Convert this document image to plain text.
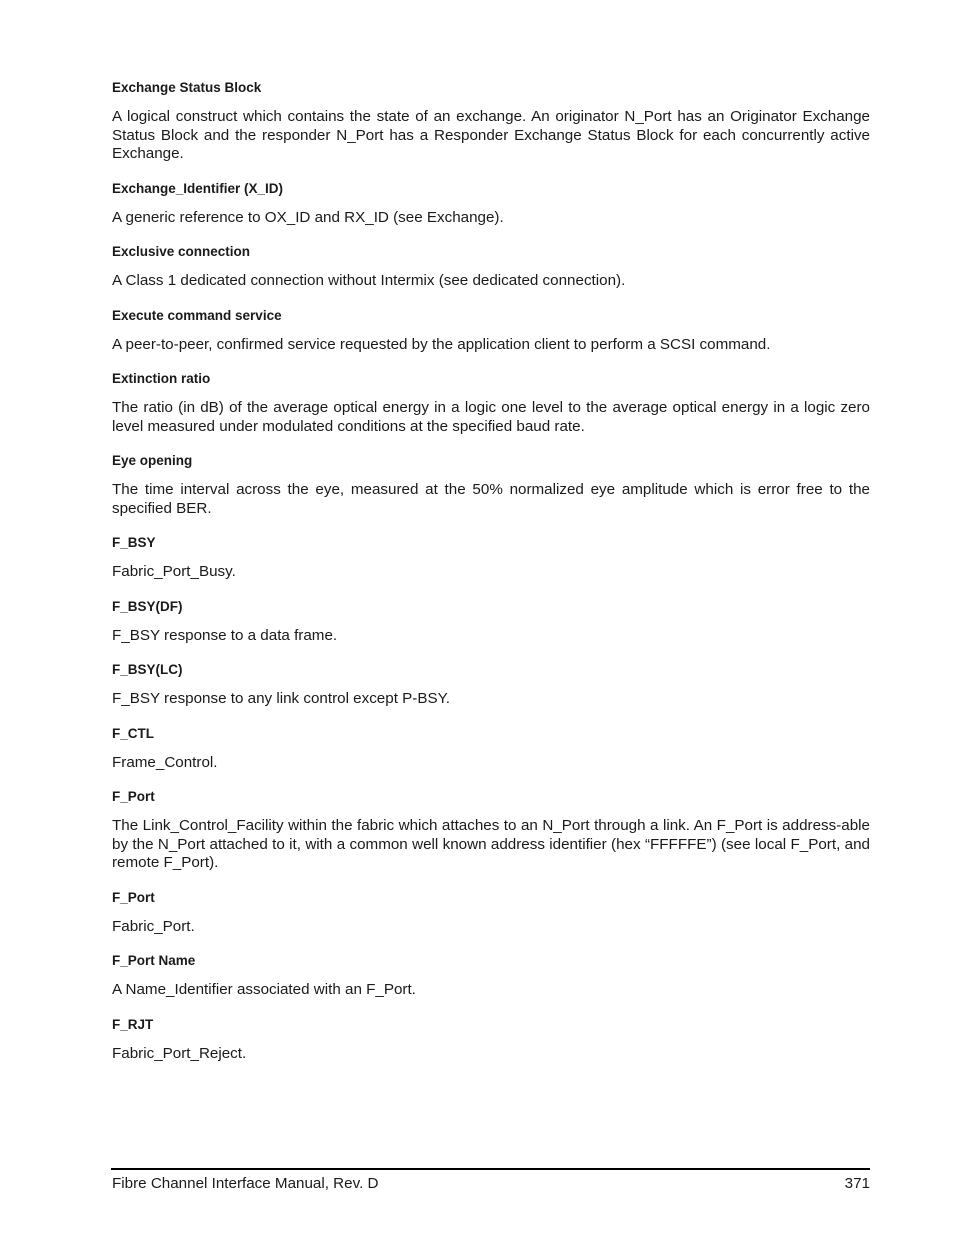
Exchange Status Block

A logical construct which contains the state of an exchange. An originator N_Port has an Originator Exchange Status Block and the responder N_Port has a Responder Exchange Status Block for each concurrently active Exchange.

Exchange_Identifier (X_ID)

A generic reference to OX_ID and RX_ID (see Exchange).

Exclusive connection

A Class 1 dedicated connection without Intermix (see dedicated connection).

Execute command service

A peer-to-peer, confirmed service requested by the application client to perform a SCSI command.

Extinction ratio

The ratio (in dB) of the average optical energy in a logic one level to the average optical energy in a logic zero level measured under modulated conditions at the specified baud rate.

Eye opening

The time interval across the eye, measured at the 50% normalized eye amplitude which is error free to the specified BER.

F_BSY

Fabric_Port_Busy.

F_BSY(DF)

F_BSY response to a data frame.

F_BSY(LC)

F_BSY response to any link control except P-BSY.

F_CTL

Frame_Control.

F_Port

The Link_Control_Facility within the fabric which attaches to an N_Port through a link. An F_Port is address-able by the N_Port attached to it, with a common well known address identifier (hex “FFFFFE”) (see local F_Port, and remote F_Port).

F_Port

Fabric_Port.

F_Port Name

A Name_Identifier associated with an F_Port.

F_RJT

Fabric_Port_Reject.

Fibre Channel Interface Manual, Rev. D	371
